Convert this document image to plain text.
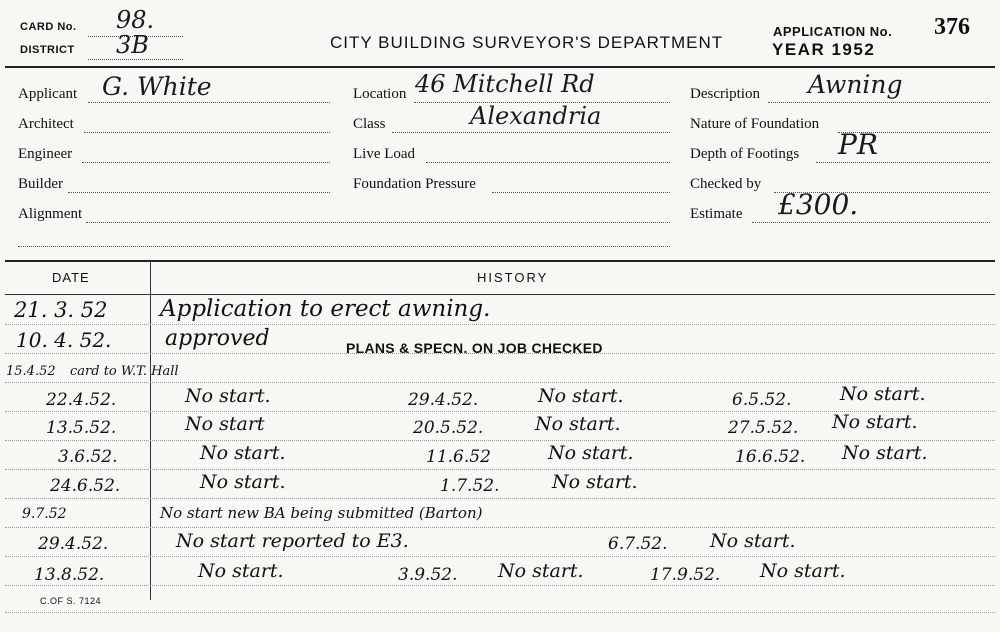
CARD No. 98.
DISTRICT 3B	CITY BUILDING SURVEYOR'S DEPARTMENT
APPLICATION No. 376
YEAR 1952
Applicant G. White
Architect
Engineer
Builder
Alignment
Location 46 Mitchell Rd
Class	Alexandria
Live Load
Foundation Pressure
Description Awning
Nature of Foundation
Depth of Footings PR
Checked by
Estimate £300.
DATE	HISTORY
21. 3. 52 Application to erect awning.
10. 4. 52. approved	PLANS & SPECN. ON JOB CHECKED
15.4.52 card to W.T. Hall
22.4.52.	No start.	29.4.52.	No start.	6.5.52.	No start.
13.5.52.	No start	20.5.52.	No start.	27.5.52. No start.
3.6.52.	No start.	11.6.52	No start.	16.6.52. No start.
24.6.52.	No start.	1.7.52.	No start.
9.7.52	No start new BA being submitted (Barton)
29.4.52.	No start reported to E3.	6.7.52. No start.
13.8.52.	No start.	3.9.52. No start.	17.9.52. No start.
C.OF S. 7124
